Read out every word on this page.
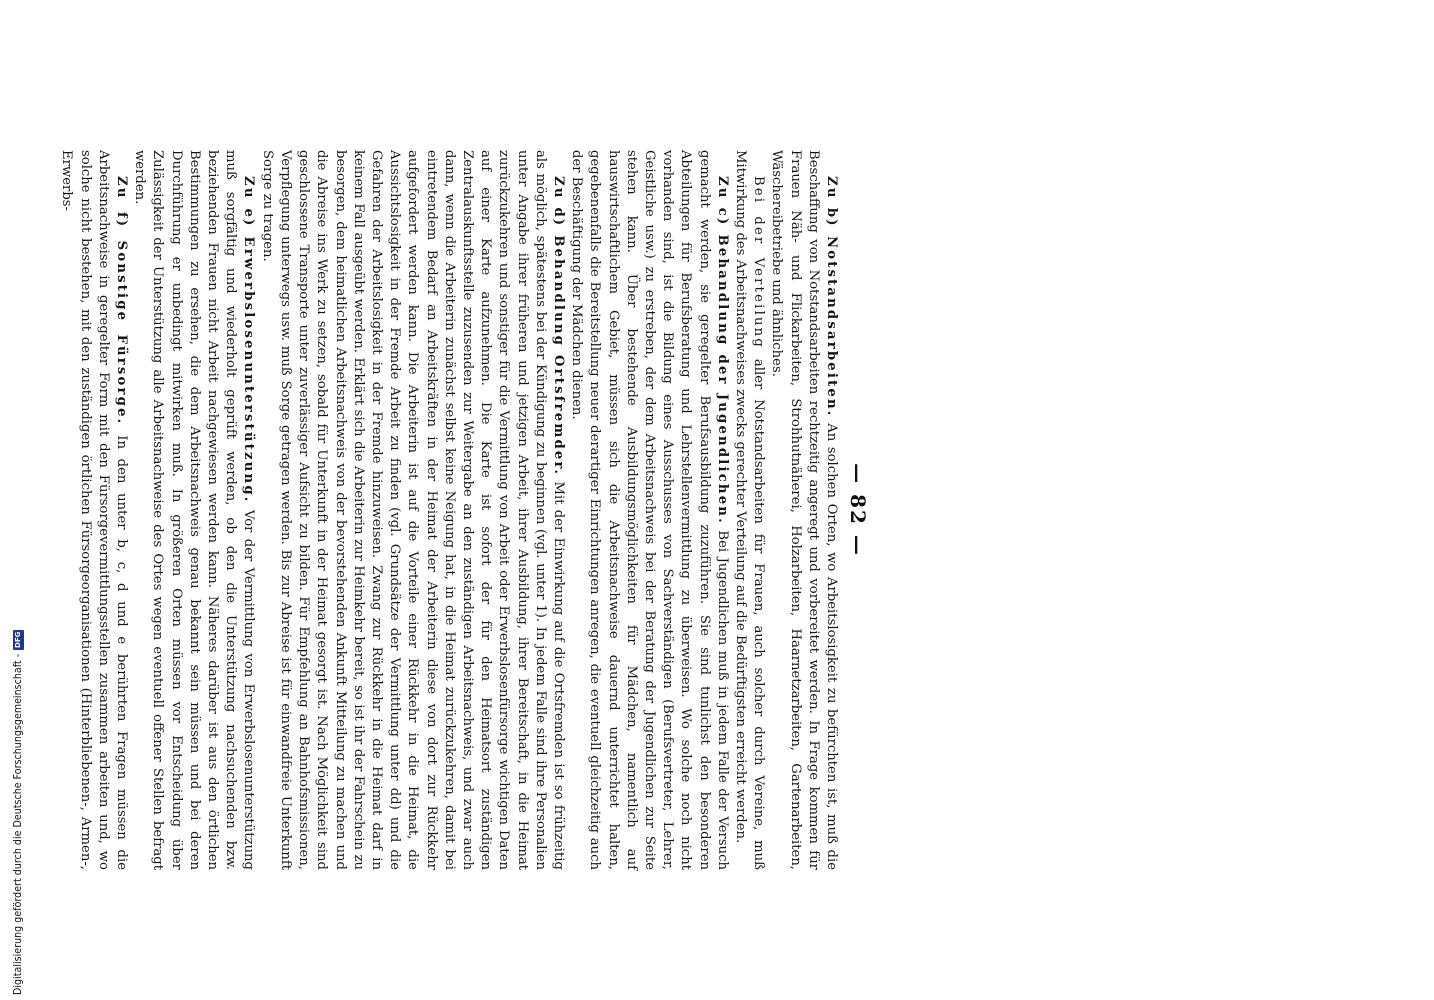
Digitalisierung gefördert durch die Deutsche Forschungsgemeinschaft -
DFG
— 82 —

Zu b) Notstandsarbeiten. An solchen Orten, wo Arbeitslosigkeit zu befürchten ist, muß die Beschaffung von Notstandsarbeiten rechtzeitig angeregt und vorbereitet werden. In Frage kommen für Frauen Näh- und Flickarbeiten, Strohhutnäherei, Holzarbeiten, Haarnetzarbeiten, Gartenarbeiten, Wäschereibetriebe und ähnliches.

Bei der Verteilung aller Notstandsarbeiten für Frauen, auch solcher durch Vereine, muß Mitwirkung des Arbeitsnachweises zwecks gerechter Verteilung auf die Bedürftigsten erreicht werden.

Zu c) Behandlung der Jugendlichen. Bei Jugendlichen muß in jedem Falle der Versuch gemacht werden, sie geregelter Berufsausbildung zuzuführen. Sie sind tunlichst den besonderen Abteilungen für Berufsberatung und Lehrstellenvermittlung zu überweisen. Wo solche noch nicht vorhanden sind, ist die Bildung eines Ausschusses von Sachverständigen (Berufsvertreter, Lehrer, Geistliche usw.) zu erstreben, der dem Arbeitsnachweis bei der Beratung der Jugendlichen zur Seite stehen kann. Über bestehende Ausbildungsmöglichkeiten für Mädchen, namentlich auf hauswirtschaftlichem Gebiet, müssen sich die Arbeitsnachweise dauernd unterrichtet halten, gegebenenfalls die Bereitstellung neuer derartiger Einrichtungen anregen, die eventuell gleichzeitig auch der Beschäftigung der Mädchen dienen.

Zu d) Behandlung Ortsfremder. Mit der Einwirkung auf die Ortsfremden ist so frühzeitig als möglich, spätestens bei der Kündigung zu beginnen (vgl. unter 1). In jedem Falle sind ihre Personalien unter Angabe ihrer früheren und jetzigen Arbeit, ihrer Ausbildung, ihrer Bereitschaft, in die Heimat zurückzukehren und sonstiger für die Vermittlung von Arbeit oder Erwerbslosenfürsorge wichtigen Daten auf einer Karte aufzunehmen. Die Karte ist sofort der für den Heimatsort zuständigen Zentralauskunftsstelle zuzusenden zur Weitergabe an den zuständigen Arbeitsnachweis, und zwar auch dann, wenn die Arbeiterin zunächst selbst keine Neigung hat, in die Heimat zurückzukehren, damit bei eintretendem Bedarf an Arbeitskräften in der Heimat der Arbeiterin diese von dort zur Rückkehr aufgefordert werden kann. Die Arbeiterin ist auf die Vorteile einer Rückkehr in die Heimat, die Aussichtslosigkeit in der Fremde Arbeit zu finden (vgl. Grundsätze der Vermittlung unter dd) und die Gefahren der Arbeitslosigkeit in der Fremde hinzuweisen. Zwang zur Rückkehr in die Heimat darf in keinem Fall ausgeübt werden. Erklärt sich die Arbeiterin zur Heimkehr bereit, so ist ihr der Fahrschein zu besorgen, dem heimatlichen Arbeitsnachweis von der bevorstehenden Ankunft Mitteilung zu machen und die Abreise ins Werk zu setzen, sobald für Unterkunft in der Heimat gesorgt ist. Nach Möglichkeit sind geschlossene Transporte unter zuverlässiger Aufsicht zu bilden. Für Empfehlung an Bahnhofsmissionen, Verpflegung unterwegs usw. muß Sorge getragen werden. Bis zur Abreise ist für einwandfreie Unterkunft Sorge zu tragen.

Zu e) Erwerbslosenunterstützung. Vor der Vermittlung von Erwerbslosenunterstützung muß sorgfältig und wiederholt geprüft werden, ob den die Unterstützung nachsuchenden bzw. beziehenden Frauen nicht Arbeit nachgewiesen werden kann. Näheres darüber ist aus den örtlichen Bestimmungen zu ersehen, die dem Arbeitsnachweis genau bekannt sein müssen und bei deren Durchführung er unbedingt mitwirken muß. In größeren Orten müssen vor Entscheidung über Zulässigkeit der Unterstützung alle Arbeitsnachweise des Ortes wegen eventuell offener Stellen befragt werden.

Zu f) Sonstige Fürsorge. In den unter b, c, d und e berührten Fragen müssen die Arbeitsnachweise in geregelter Form mit den Fürsorgevermittlungsstellen zusammen arbeiten und, wo solche nicht bestehen, mit den zuständigen örtlichen Fürsorgeorganisationen (Hinterbliebenen-, Armen-, Erwerbs-
